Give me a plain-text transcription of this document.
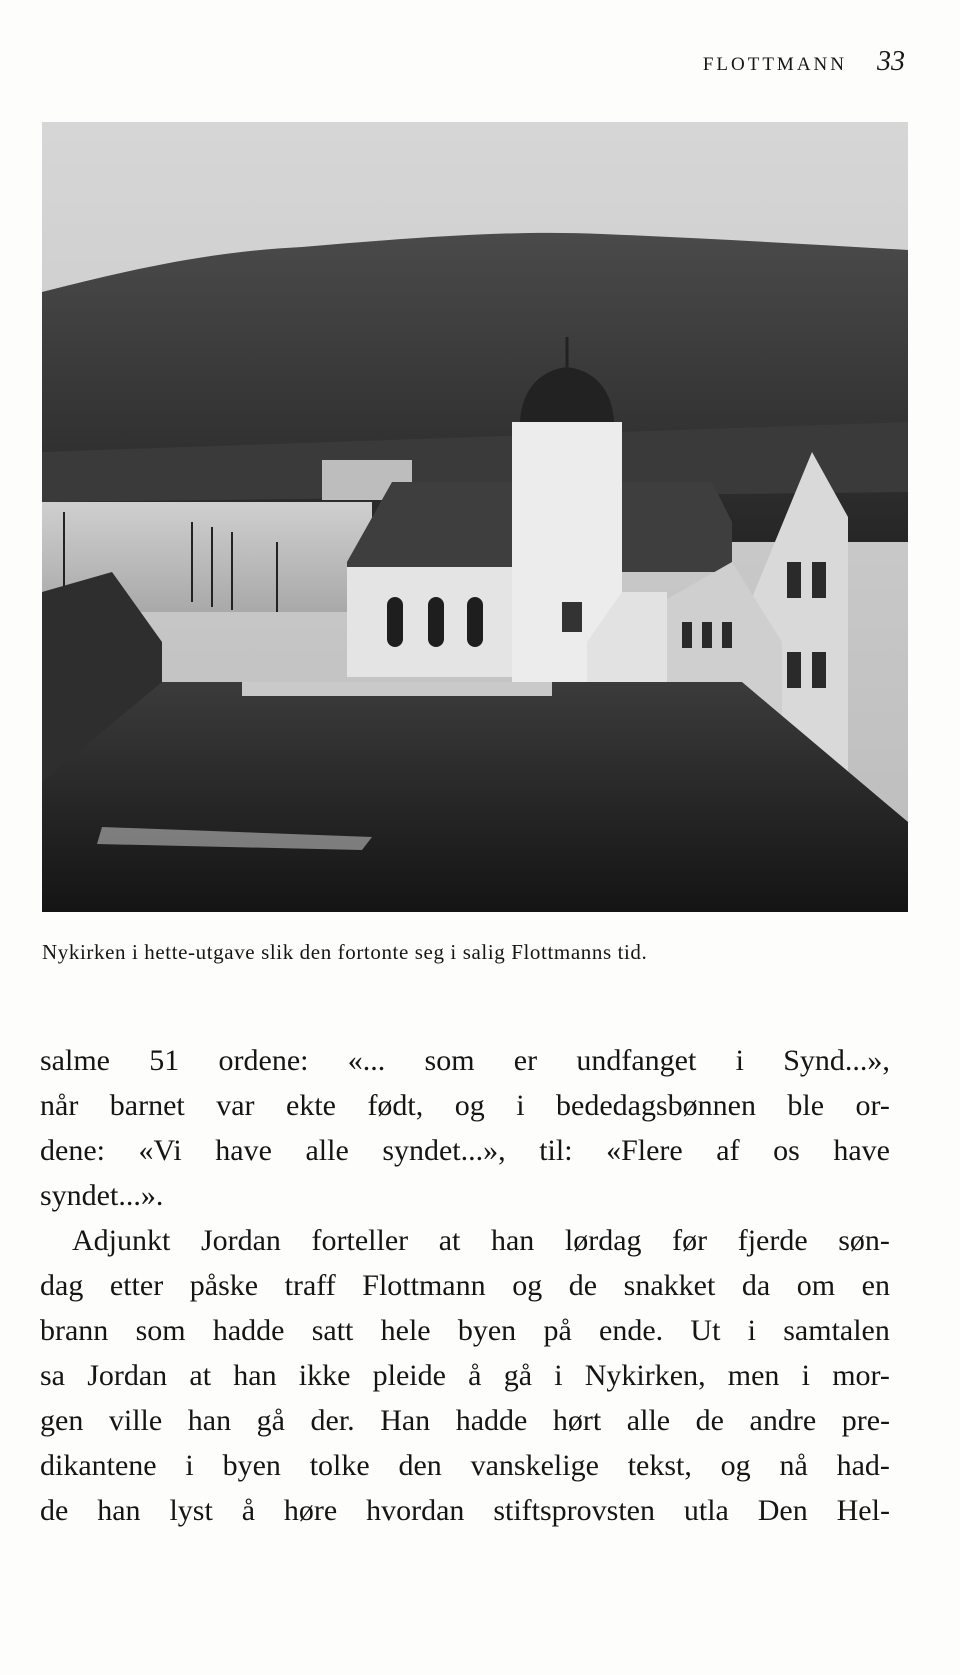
FLOTTMANN 33
Nykirken i hette-utgave slik den fortonte seg i salig Flottmanns tid.
salme 51 ordene: «... som er undfanget i Synd...»,
når barnet var ekte født, og i bededagsbønnen ble or-
dene: «Vi have alle syndet...», til: «Flere af os have
syndet...».
Adjunkt Jordan forteller at han lørdag før fjerde søn-
dag etter påske traff Flottmann og de snakket da om en
brann som hadde satt hele byen på ende. Ut i samtalen
sa Jordan at han ikke pleide å gå i Nykirken, men i mor-
gen ville han gå der. Han hadde hørt alle de andre pre-
dikantene i byen tolke den vanskelige tekst, og nå had-
de han lyst å høre hvordan stiftsprovsten utla Den Hel-
